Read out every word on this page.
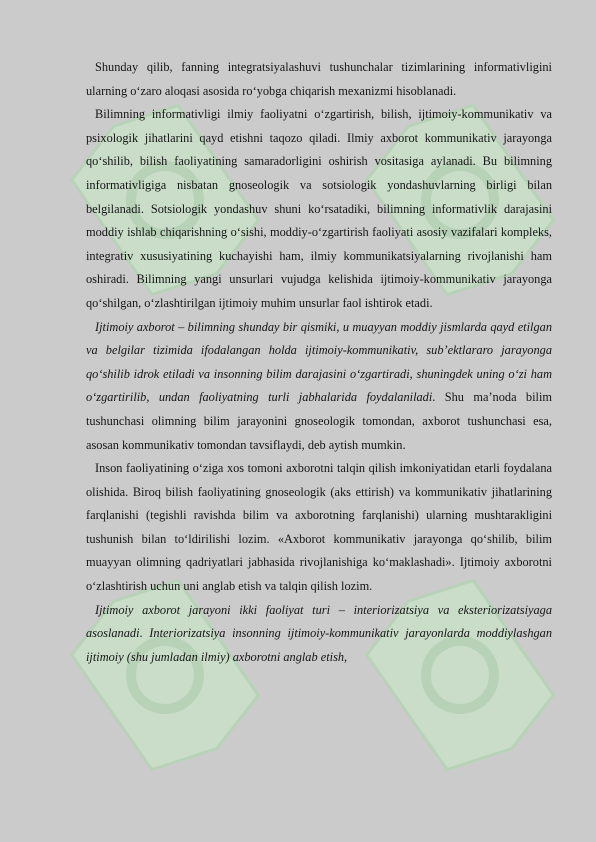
Shunday qilib, fanning integratsiyalashuvi tushunchalar tizimlarining informativligini ularning o‘zaro aloqasi asosida ro‘yobga chiqarish mexanizmi hisoblanadi.

Bilimning informativligi ilmiy faoliyatni o‘zgartirish, bilish, ijtimoiy-kommunikativ va psixologik jihatlarini qayd etishni taqozo qiladi. Ilmiy axborot kommunikativ jarayonga qo‘shilib, bilish faoliyatining samaradorligini oshirish vositasiga aylanadi. Bu bilimning informativligiga nisbatan gnoseologik va sotsiologik yondashuvlarning birligi bilan belgilanadi. Sotsiologik yondashuv shuni ko‘rsatadiki, bilimning informativlik darajasini moddiy ishlab chiqarishning o‘sishi, moddiy-o‘zgartirish faoliyati asosiy vazifalari kompleks, integrativ xususiyatining kuchayishi ham, ilmiy kommunikatsiyalarning rivojlanishi ham oshiradi. Bilimning yangi unsurlari vujudga kelishida ijtimoiy-kommunikativ jarayonga qo‘shilgan, o‘zlashtirilgan ijtimoiy muhim unsurlar faol ishtirok etadi.

Ijtimoiy axborot – bilimning shunday bir qismiki, u muayyan moddiy jismlarda qayd etilgan va belgilar tizimida ifodalangan holda ijtimoiy-kommunikativ, sub’ektlararo jarayonga qo‘shilib idrok etiladi va insonning bilim darajasini o‘zgartiradi, shuningdek uning o‘zi ham o‘zgartirilib, undan faoliyatning turli jabhalarida foydalaniladi. Shu ma’noda bilim tushunchasi olimning bilim jarayonini gnoseologik tomondan, axborot tushunchasi esa, asosan kommunikativ tomondan tavsiflaydi, deb aytish mumkin.

Inson faoliyatining o‘ziga xos tomoni axborotni talqin qilish imkoniyatidan etarli foydalana olishida. Biroq bilish faoliyatining gnoseologik (aks ettirish) va kommunikativ jihatlarining farqlanishi (tegishli ravishda bilim va axborotning farqlanishi) ularning mushtarakligini tushunish bilan to‘ldirilishi lozim. «Axborot kommunikativ jarayonga qo‘shilib, bilim muayyan olimning qadriyatlari jabhasida rivojlanishiga ko‘maklashadi». Ijtimoiy axborotni o‘zlashtirish uchun uni anglab etish va talqin qilish lozim.

Ijtimoiy axborot jarayoni ikki faoliyat turi – interiorizatsiya va eksteriorizatsiyaga asoslanadi. Interiorizatsiya insonning ijtimoiy-kommunikativ jarayonlarda moddiylashgan ijtimoiy (shu jumladan ilmiy) axborotni anglab etish,
